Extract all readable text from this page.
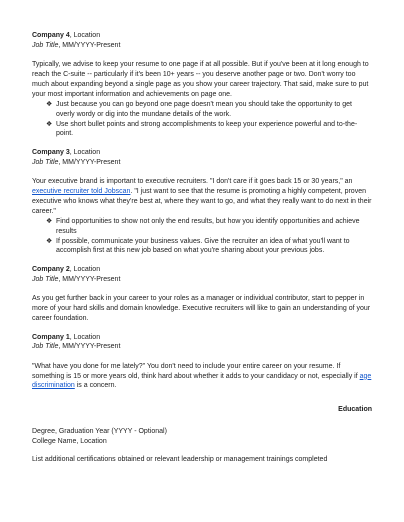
Company 4, Location

Job Title, MM/YYYY-Present

Typically, we advise to keep your resume to one page if at all possible. But if you've been at it long enough to reach the C-suite -- particularly if it's been 10+ years -- you deserve another page or two. Don't worry too much about expanding beyond a single page as you show your career trajectory. That said, make sure to put your most important information and achievements on page one.

❖ Just because you can go beyond one page doesn't mean you should take the opportunity to get overly wordy or dig into the mundane details of the work.
❖ Use short bullet points and strong accomplishments to keep your experience powerful and to-the-point.

Company 3, Location

Job Title, MM/YYYY-Present

Your executive brand is important to executive recruiters. "I don't care if it goes back 15 or 30 years," an executive recruiter told Jobscan. "I just want to see that the resume is promoting a highly competent, proven executive who knows what they're best at, where they want to go, and what they really want to do next in their career."

❖ Find opportunities to show not only the end results, but how you identify opportunities and achieve results
❖ If possible, communicate your business values. Give the recruiter an idea of what you'll want to accomplish first at this new job based on what you're sharing about your previous jobs.

Company 2, Location

Job Title, MM/YYYY-Present

As you get further back in your career to your roles as a manager or individual contributor, start to pepper in more of your hard skills and domain knowledge. Executive recruiters will like to gain an understanding of your career foundation.

Company 1, Location

Job Title, MM/YYYY-Present

"What have you done for me lately?" You don't need to include your entire career on your resume. If something is 15 or more years old, think hard about whether it adds to your candidacy or not, especially if age discrimination is a concern.

Education

Degree, Graduation Year (YYYY - Optional)

College Name, Location

List additional certifications obtained or relevant leadership or management trainings completed
